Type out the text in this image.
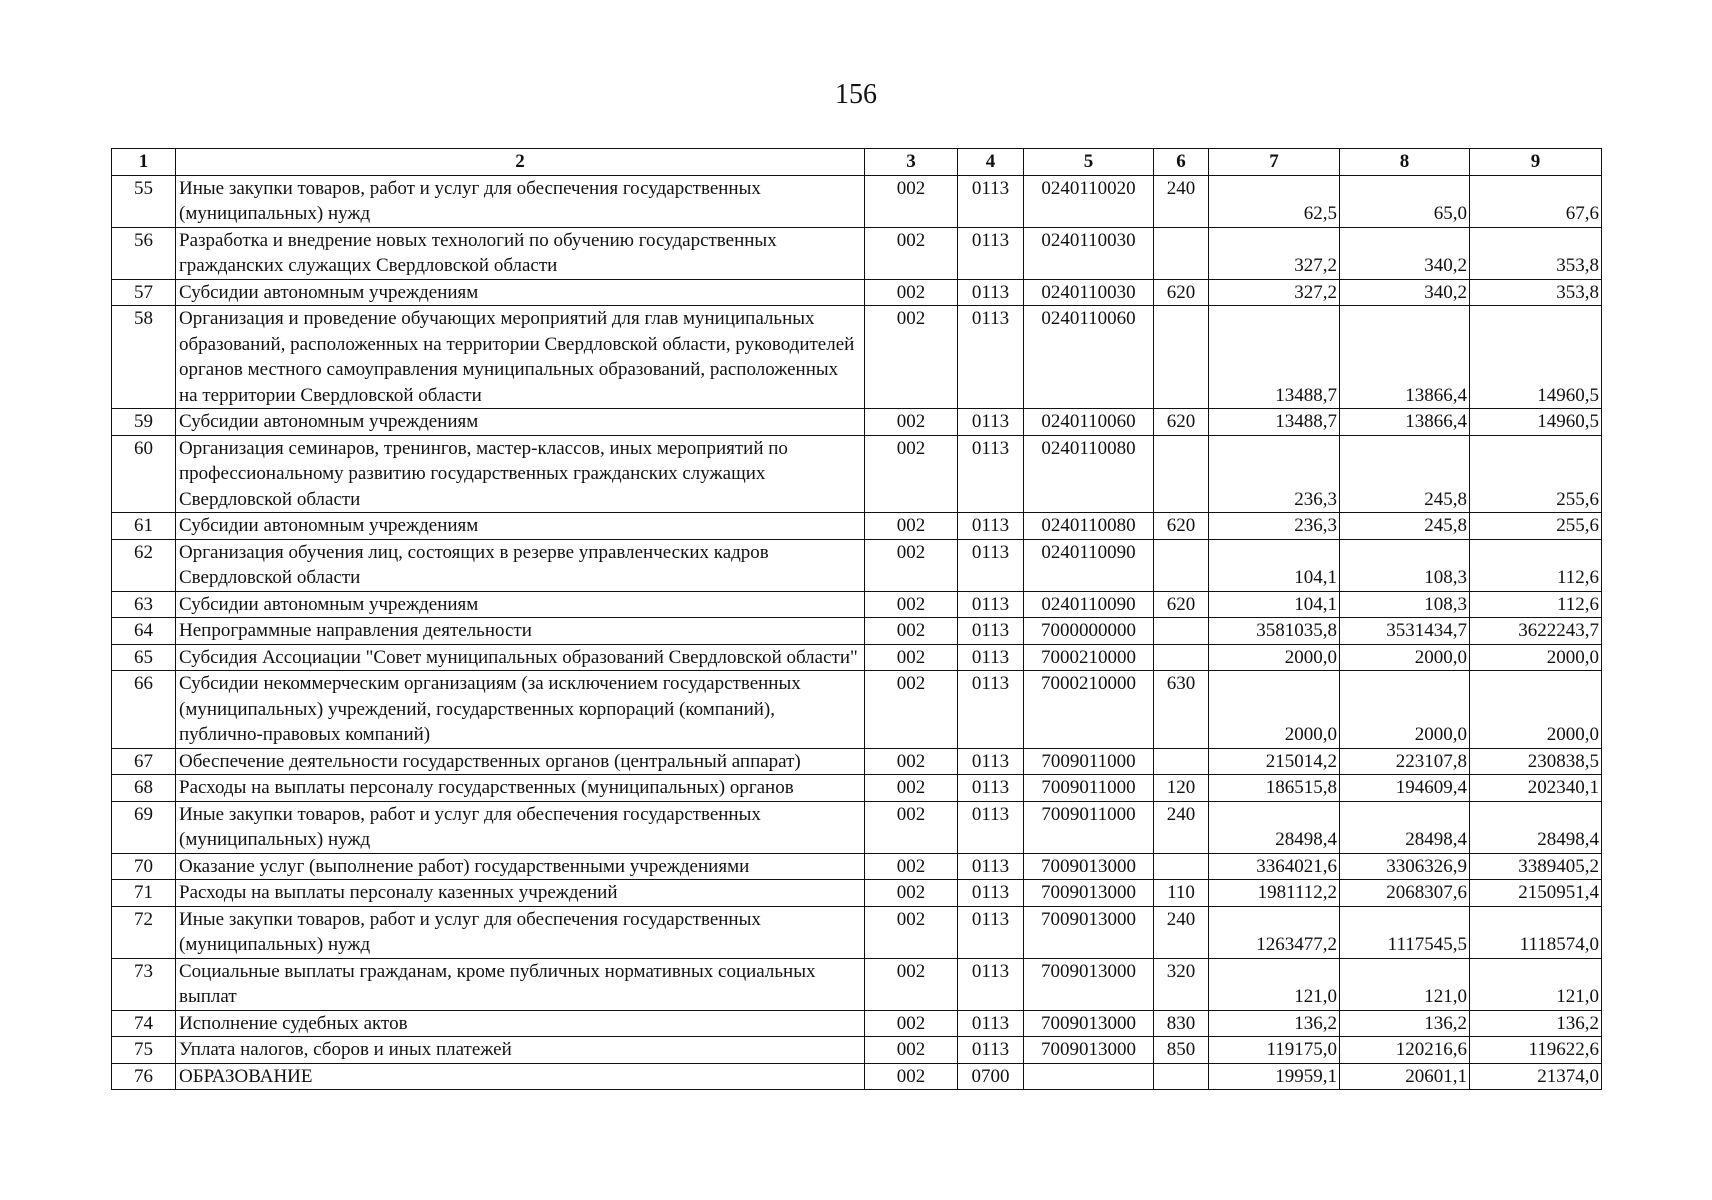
156
1	2	3	4	5	6	7	8	9
55	Иные закупки товаров, работ и услуг для обеспечения государственных (муниципальных) нужд	002	0113	0240110020	240	62,5	65,0	67,6
56	Разработка и внедрение новых технологий по обучению государственных гражданских служащих Свердловской области	002	0113	0240110030		327,2	340,2	353,8
57	Субсидии автономным учреждениям	002	0113	0240110030	620	327,2	340,2	353,8
58	Организация и проведение обучающих мероприятий для глав муниципальных образований, расположенных на территории Свердловской области, руководителей органов местного самоуправления муниципальных образований, расположенных на территории Свердловской области	002	0113	0240110060		13488,7	13866,4	14960,5
59	Субсидии автономным учреждениям	002	0113	0240110060	620	13488,7	13866,4	14960,5
60	Организация семинаров, тренингов, мастер-классов, иных мероприятий по профессиональному развитию государственных гражданских служащих Свердловской области	002	0113	0240110080		236,3	245,8	255,6
61	Субсидии автономным учреждениям	002	0113	0240110080	620	236,3	245,8	255,6
62	Организация обучения лиц, состоящих в резерве управленческих кадров Свердловской области	002	0113	0240110090		104,1	108,3	112,6
63	Субсидии автономным учреждениям	002	0113	0240110090	620	104,1	108,3	112,6
64	Непрограммные направления деятельности	002	0113	7000000000		3581035,8	3531434,7	3622243,7
65	Субсидия Ассоциации "Совет муниципальных образований Свердловской области"	002	0113	7000210000		2000,0	2000,0	2000,0
66	Субсидии некоммерческим организациям (за исключением государственных (муниципальных) учреждений, государственных корпораций (компаний), публично-правовых компаний)	002	0113	7000210000	630	2000,0	2000,0	2000,0
67	Обеспечение деятельности государственных органов (центральный аппарат)	002	0113	7009011000		215014,2	223107,8	230838,5
68	Расходы на выплаты персоналу государственных (муниципальных) органов	002	0113	7009011000	120	186515,8	194609,4	202340,1
69	Иные закупки товаров, работ и услуг для обеспечения государственных (муниципальных) нужд	002	0113	7009011000	240	28498,4	28498,4	28498,4
70	Оказание услуг (выполнение работ) государственными учреждениями	002	0113	7009013000		3364021,6	3306326,9	3389405,2
71	Расходы на выплаты персоналу казенных учреждений	002	0113	7009013000	110	1981112,2	2068307,6	2150951,4
72	Иные закупки товаров, работ и услуг для обеспечения государственных (муниципальных) нужд	002	0113	7009013000	240	1263477,2	1117545,5	1118574,0
73	Социальные выплаты гражданам, кроме публичных нормативных социальных выплат	002	0113	7009013000	320	121,0	121,0	121,0
74	Исполнение судебных актов	002	0113	7009013000	830	136,2	136,2	136,2
75	Уплата налогов, сборов и иных платежей	002	0113	7009013000	850	119175,0	120216,6	119622,6
76	ОБРАЗОВАНИЕ	002	0700			19959,1	20601,1	21374,0
